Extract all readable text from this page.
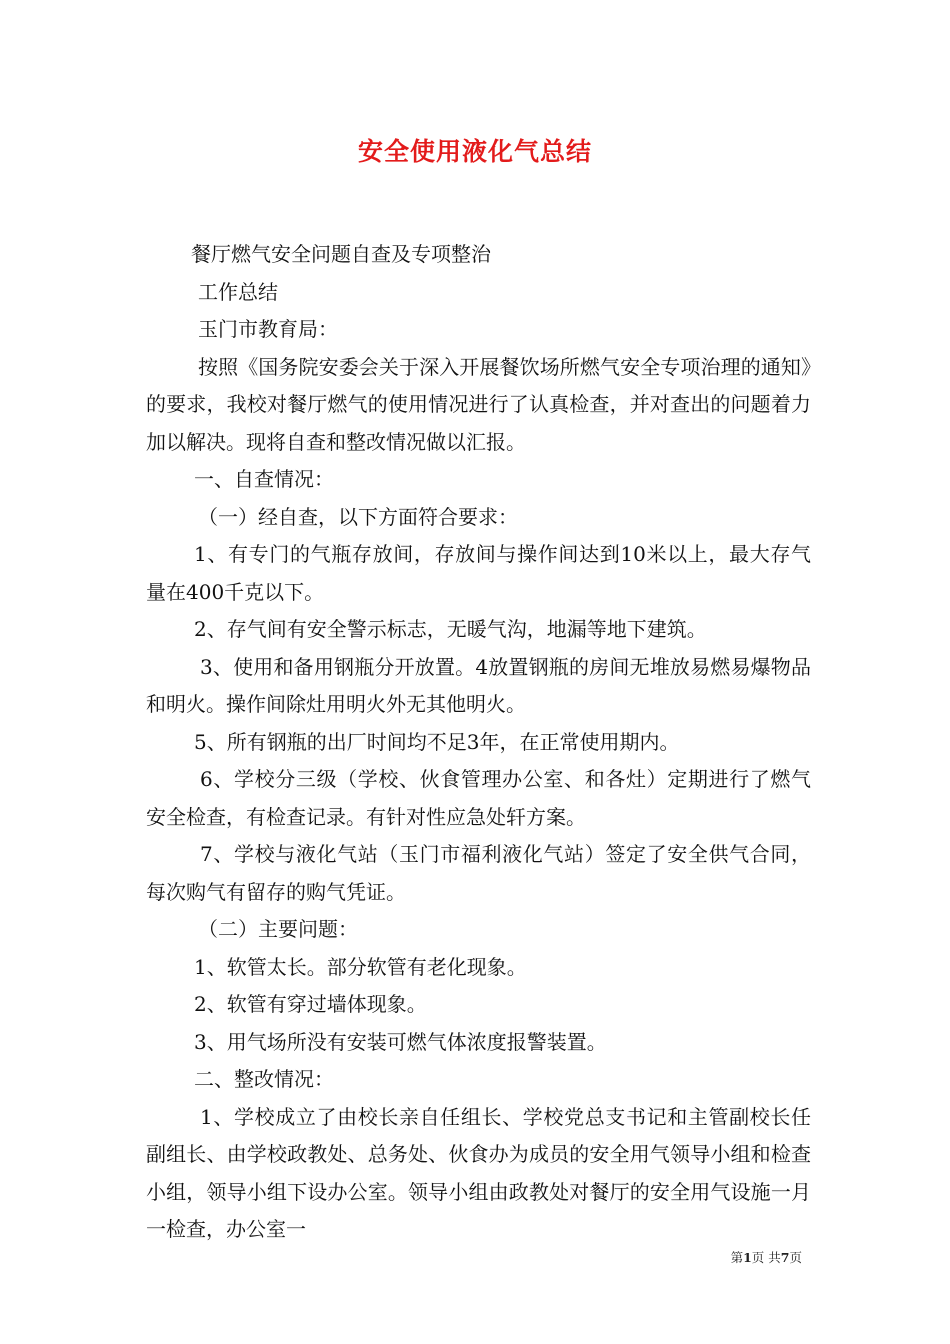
安全使用液化气总结

餐厅燃气安全问题自查及专项整治

工作总结

玉门市教育局：

按照《国务院安委会关于深入开展餐饮场所燃气安全专项治理的通知》的要求，我校对餐厅燃气的使用情况进行了认真检查，并对查出的问题着力加以解决。现将自查和整改情况做以汇报。

一、自查情况：

（一）经自查，以下方面符合要求：

1、有专门的气瓶存放间，存放间与操作间达到10米以上，最大存气量在400千克以下。

2、存气间有安全警示标志，无暖气沟，地漏等地下建筑。

3、使用和备用钢瓶分开放置。4放置钢瓶的房间无堆放易燃易爆物品和明火。操作间除灶用明火外无其他明火。

5、所有钢瓶的出厂时间均不足3年，在正常使用期内。

6、学校分三级（学校、伙食管理办公室、和各灶）定期进行了燃气安全检查，有检查记录。有针对性应急处轩方案。

7、学校与液化气站（玉门市福利液化气站）签定了安全供气合同，每次购气有留存的购气凭证。

（二）主要问题：

1、软管太长。部分软管有老化现象。

2、软管有穿过墙体现象。

3、用气场所没有安装可燃气体浓度报警装置。

二、整改情况：

1、学校成立了由校长亲自任组长、学校党总支书记和主管副校长任副组长、由学校政教处、总务处、伙食办为成员的安全用气领导小组和检查小组，领导小组下设办公室。领导小组由政教处对餐厅的安全用气设施一月一检查，办公室一

第1页 共7页
